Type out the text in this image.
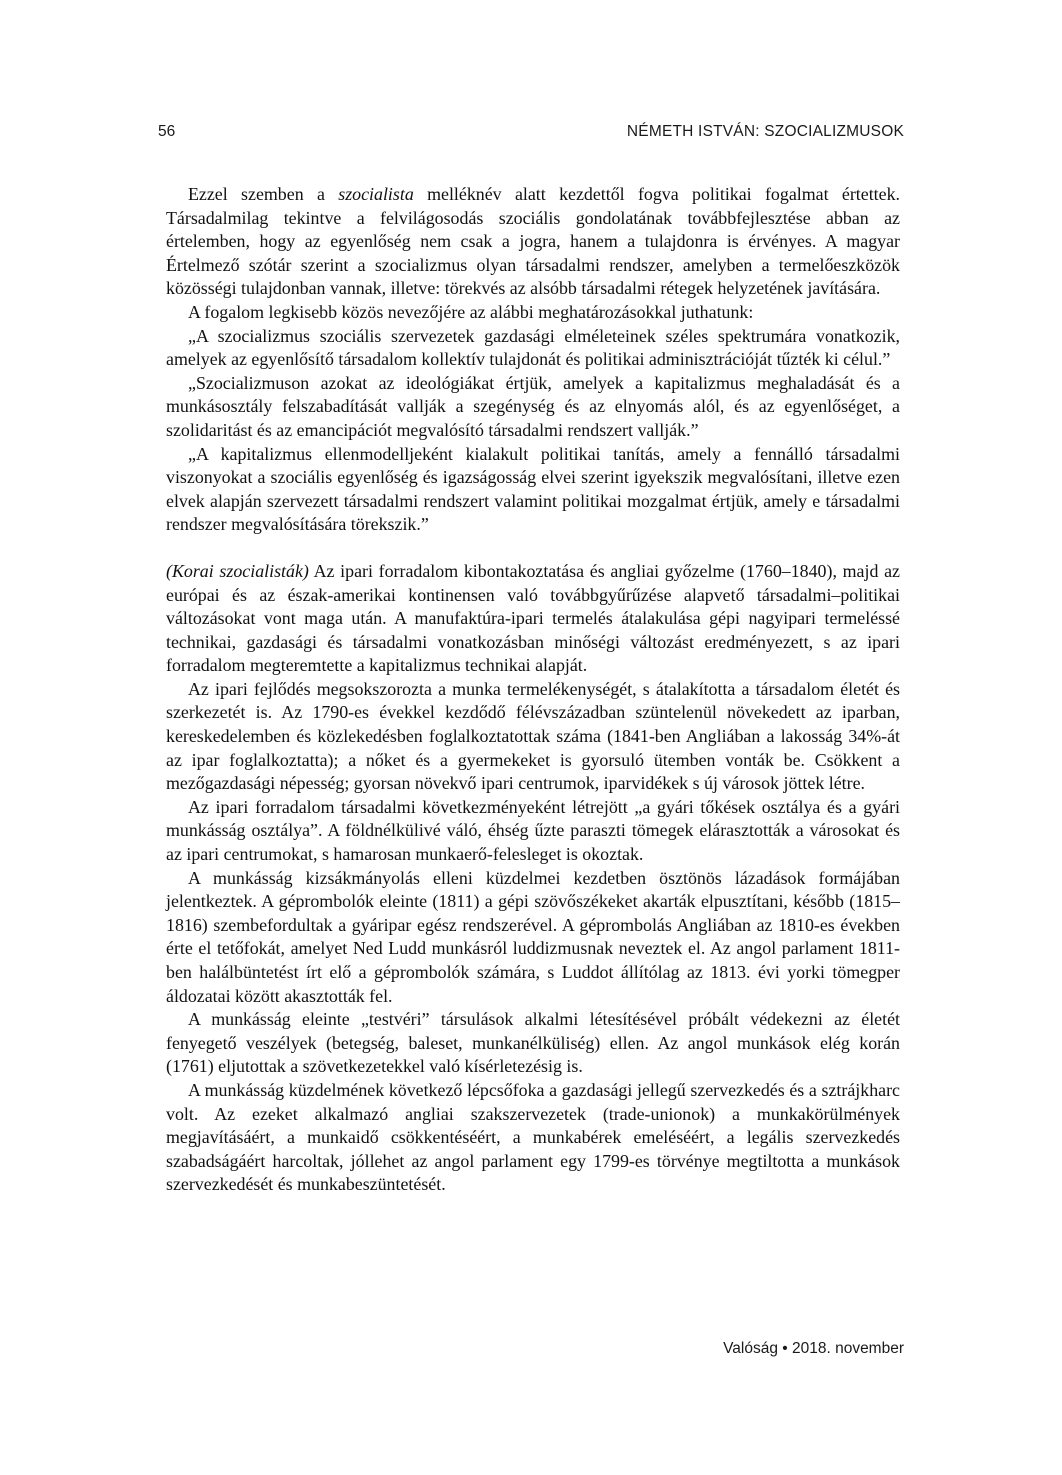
56	NÉMETH ISTVÁN: SZOCIALIZMUSOK

Ezzel szemben a szocialista melléknév alatt kezdettől fogva politikai fogalmat értettek. Társadalmilag tekintve a felvilágosodás szociális gondolatának továbbfejlesztése abban az értelemben, hogy az egyenlőség nem csak a jogra, hanem a tulajdonra is érvényes. A magyar Értelmező szótár szerint a szocializmus olyan társadalmi rendszer, amelyben a termelőeszközök közösségi tulajdonban vannak, illetve: törekvés az alsóbb társadalmi rétegek helyzetének javítására.

A fogalom legkisebb közös nevezőjére az alábbi meghatározásokkal juthatunk:

„A szocializmus szociális szervezetek gazdasági elméleteinek széles spektrumára vonatkozik, amelyek az egyenlősítő társadalom kollektív tulajdonát és politikai adminisztrációját tűzték ki célul.”

„Szocializmuson azokat az ideológiákat értjük, amelyek a kapitalizmus meghaladását és a munkásosztály felszabadítását vallják a szegénység és az elnyomás alól, és az egyenlőséget, a szolidaritást és az emancipációt megvalósító társadalmi rendszert vallják.”

„A kapitalizmus ellenmodelljeként kialakult politikai tanítás, amely a fennálló társadalmi viszonyokat a szociális egyenlőség és igazságosság elvei szerint igyekszik megvalósítani, illetve ezen elvek alapján szervezett társadalmi rendszert valamint politikai mozgalmat értjük, amely e társadalmi rendszer megvalósítására törekszik.”

(Korai szocialisták) Az ipari forradalom kibontakoztatása és angliai győzelme (1760–1840), majd az európai és az észak-amerikai kontinensen való továbbgyűrűzése alapvető társadalmi–politikai változásokat vont maga után. A manufaktúra-ipari termelés átalakulása gépi nagyipari termeléssé technikai, gazdasági és társadalmi vonatkozásban minőségi változást eredményezett, s az ipari forradalom megteremtette a kapitalizmus technikai alapját.

Az ipari fejlődés megsokszorozta a munka termelékenységét, s átalakította a társadalom életét és szerkezetét is. Az 1790-es évekkel kezdődő félévszázadban szüntelenül növekedett az iparban, kereskedelemben és közlekedésben foglalkoztatottak száma (1841-ben Angliában a lakosság 34%-át az ipar foglalkoztatta); a nőket és a gyermekeket is gyorsuló ütemben vonták be. Csökkent a mezőgazdasági népesség; gyorsan növekvő ipari centrumok, iparvidékek s új városok jöttek létre.

Az ipari forradalom társadalmi következményeként létrejött „a gyári tőkések osztálya és a gyári munkásság osztálya”. A földnélkülivé váló, éhség űzte paraszti tömegek elárasztották a városokat és az ipari centrumokat, s hamarosan munkaerő-felesleget is okoztak.

A munkásság kizsákmányolás elleni küzdelmei kezdetben ösztönös lázadások formájában jelentkeztek. A géprombolók eleinte (1811) a gépi szövőszékeket akarták elpusztítani, később (1815–1816) szembefordultak a gyáripar egész rendszerével. A géprombolás Angliában az 1810-es években érte el tetőfokát, amelyet Ned Ludd munkásról luddizmusnak neveztek el. Az angol parlament 1811-ben halálbüntetést írt elő a géprombolók számára, s Luddot állítólag az 1813. évi yorki tömegper áldozatai között akasztották fel.

A munkásság eleinte „testvéri” társulások alkalmi létesítésével próbált védekezni az életét fenyegető veszélyek (betegség, baleset, munkanélküliség) ellen. Az angol munkások elég korán (1761) eljutottak a szövetkezetekkel való kísérletezésig is.

A munkásság küzdelmének következő lépcsőfoka a gazdasági jellegű szervezkedés és a sztrájkharc volt. Az ezeket alkalmazó angliai szakszervezetek (trade-unionok) a munkakörülmények megjavításáért, a munkaidő csökkentéséért, a munkabérek emeléséért, a legális szervezkedés szabadságáért harcoltak, jóllehet az angol parlament egy 1799-es törvénye megtiltotta a munkások szervezkedését és munkabeszüntetését.

Valóság • 2018. november
